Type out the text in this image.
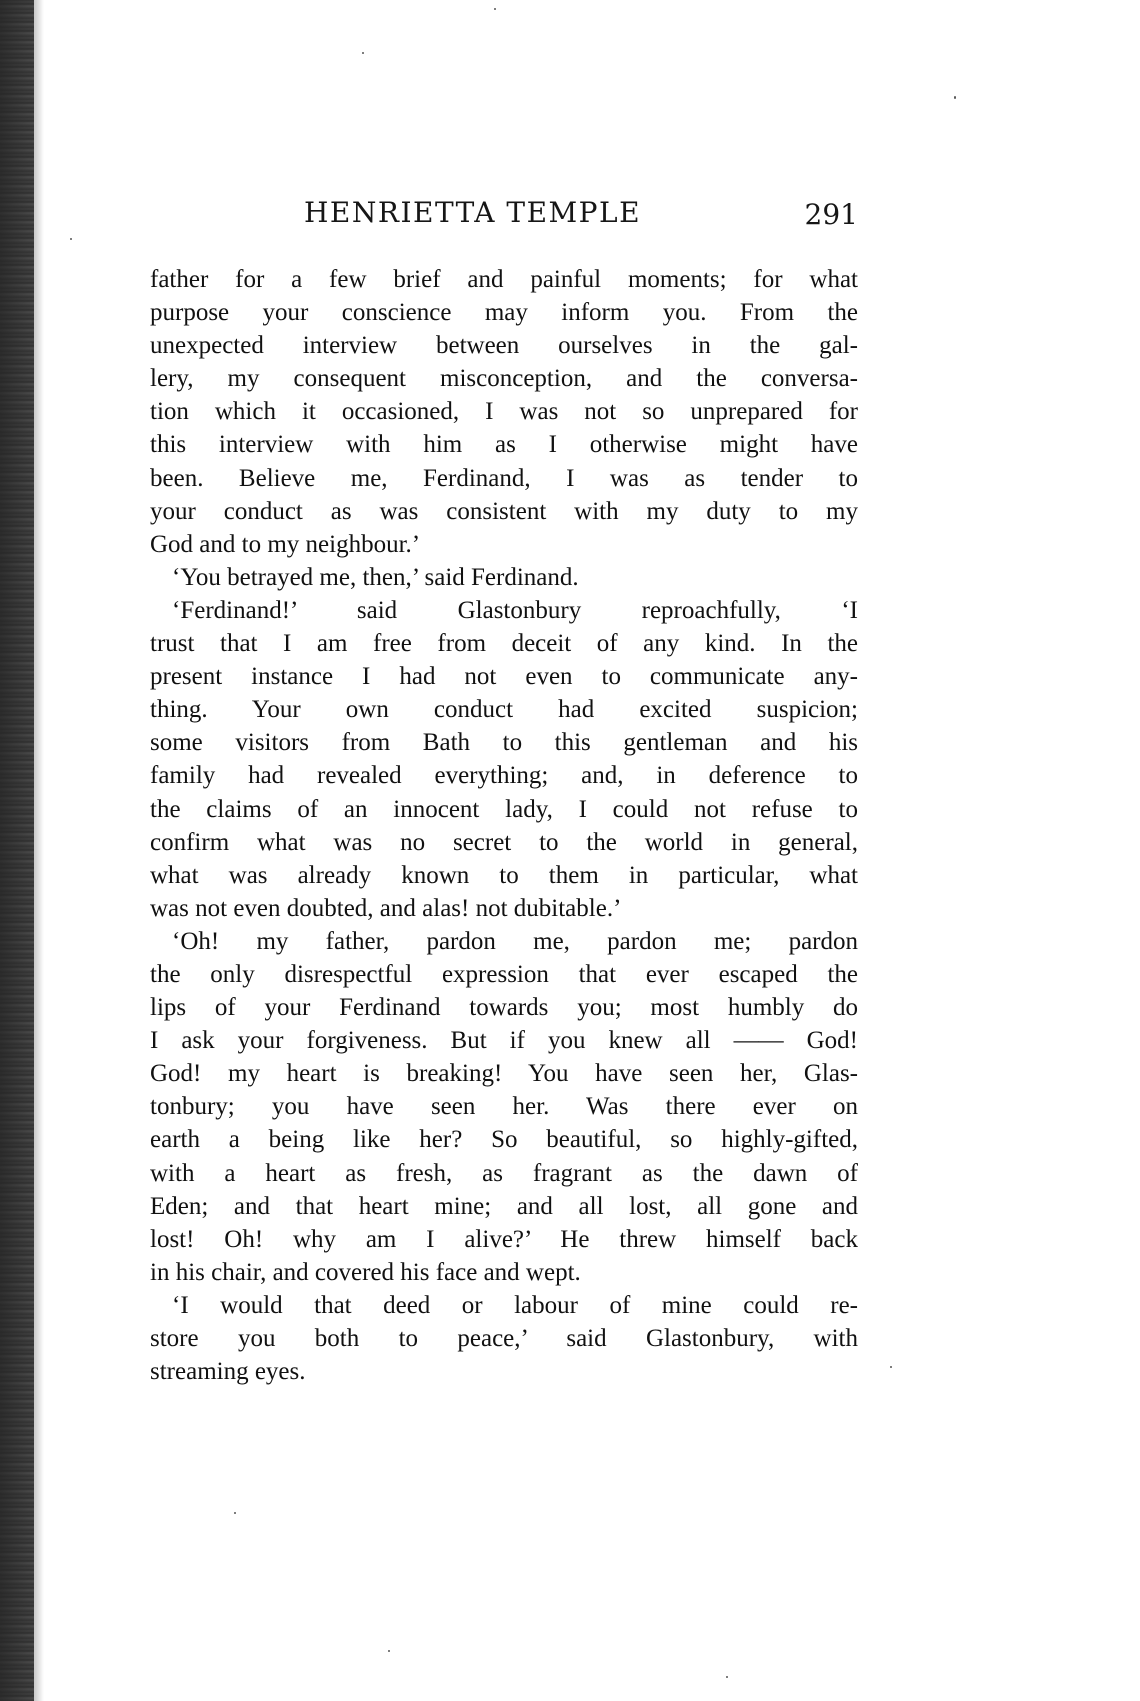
HENRIETTA TEMPLE	291
father for a few brief and painful moments; for what
purpose your conscience may inform you. From the
unexpected interview between ourselves in the gal-
lery, my consequent misconception, and the conversa-
tion which it occasioned, I was not so unprepared for
this interview with him as I otherwise might have
been. Believe me, Ferdinand, I was as tender to
your conduct as was consistent with my duty to my
God and to my neighbour.’
‘You betrayed me, then,’ said Ferdinand.
‘Ferdinand!’ said Glastonbury reproachfully, ‘I
trust that I am free from deceit of any kind. In the
present instance I had not even to communicate any-
thing. Your own conduct had excited suspicion;
some visitors from Bath to this gentleman and his
family had revealed everything; and, in deference to
the claims of an innocent lady, I could not refuse to
confirm what was no secret to the world in general,
what was already known to them in particular, what
was not even doubted, and alas! not dubitable.’
‘Oh! my father, pardon me, pardon me; pardon
the only disrespectful expression that ever escaped the
lips of your Ferdinand towards you; most humbly do
I ask your forgiveness. But if you knew all —— God!
God! my heart is breaking! You have seen her, Glas-
tonbury; you have seen her. Was there ever on
earth a being like her? So beautiful, so highly-gifted,
with a heart as fresh, as fragrant as the dawn of
Eden; and that heart mine; and all lost, all gone and
lost! Oh! why am I alive?’ He threw himself back
in his chair, and covered his face and wept.
‘I would that deed or labour of mine could re-
store you both to peace,’ said Glastonbury, with
streaming eyes.
